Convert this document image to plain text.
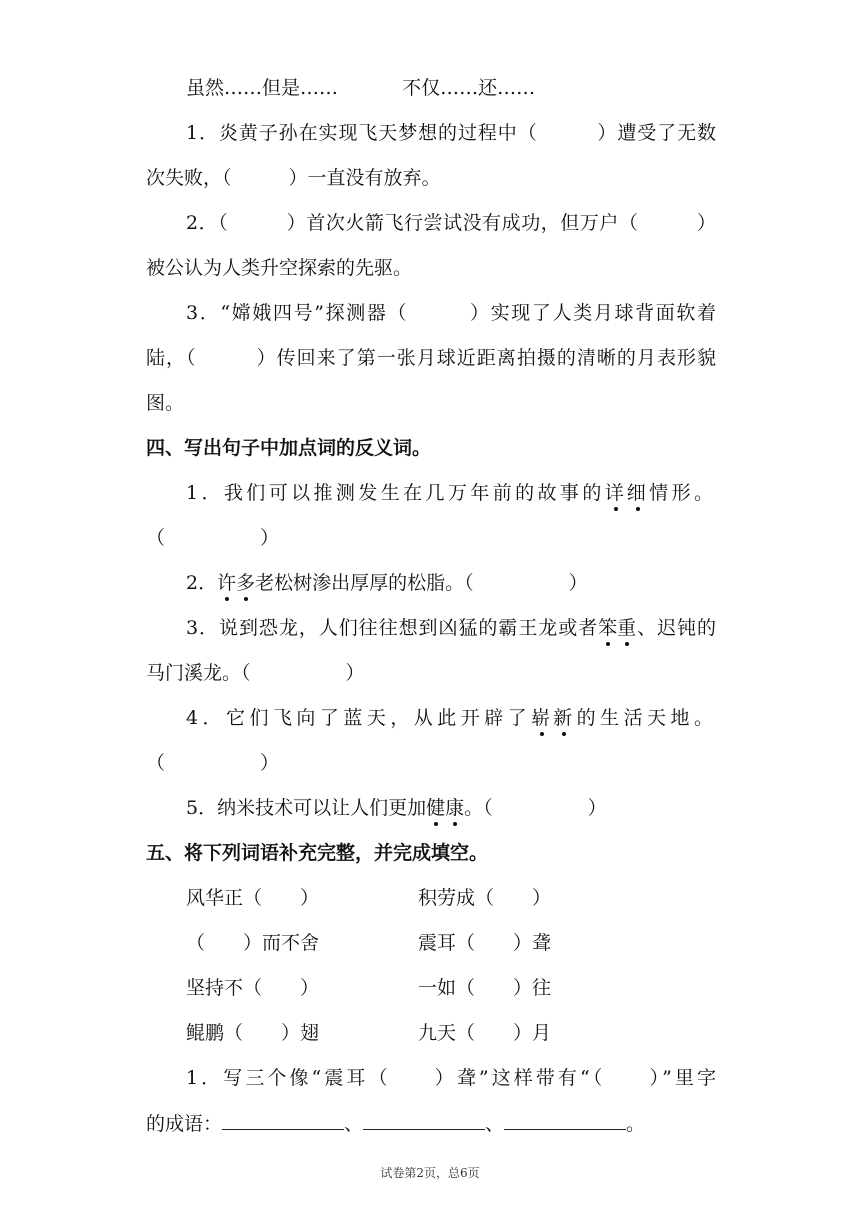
虽然……但是……	不仅……还……
1．炎黄子孙在实现飞天梦想的过程中（　　　）遭受了无数
次失败，（　　　）一直没有放弃。
2．（　　　）首次火箭飞行尝试没有成功，但万户（　　　）
被公认为人类升空探索的先驱。
3．“嫦娥四号”探测器（　　　）实现了人类月球背面软着
陆，（　　　）传回来了第一张月球近距离拍摄的清晰的月表形貌
图。
四、写出句子中加点词的反义词。
1．我们可以推测发生在几万年前的故事的详细情形。
（　　　　　）
2．许多老松树渗出厚厚的松脂。（　　　　　）
3．说到恐龙，人们往往想到凶猛的霸王龙或者笨重、迟钝的
马门溪龙。（　　　　　）
4．它们飞向了蓝天，从此开辟了崭新的生活天地。
（　　　　　）
5．纳米技术可以让人们更加健康。（　　　　　）
五、将下列词语补充完整，并完成填空。
风华正（　　）	积劳成（　　）
（　　）而不舍	震耳（　　）聋
坚持不（　　）	一如（　　）往
鲲鹏（　　）翅	九天（　　）月
1．写三个像“震耳（　　）聋”这样带有“（　　）”里字
的成语：	、	、	。
试卷第2页，总6页
